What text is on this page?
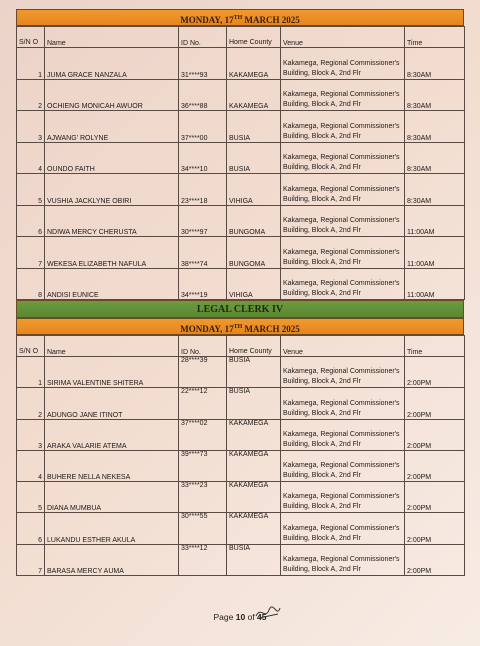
MONDAY, 17TH MARCH 2025
S/N O	Name	ID No.	Home County	Venue	Time
1	JUMA GRACE NANZALA	31****93	KAKAMEGA	Kakamega, Regional Commissioner's Building, Block A, 2nd Flr	8:30AM
2	OCHIENG MONICAH AWUOR	36****88	KAKAMEGA	Kakamega, Regional Commissioner's Building, Block A, 2nd Flr	8:30AM
3	AJWANG' ROLYNE	37****00	BUSIA	Kakamega, Regional Commissioner's Building, Block A, 2nd Flr	8:30AM
4	OUNDO FAITH	34****10	BUSIA	Kakamega, Regional Commissioner's Building, Block A, 2nd Flr	8:30AM
5	VUSHIA JACKLYNE OBIRI	23****18	VIHIGA	Kakamega, Regional Commissioner's Building, Block A, 2nd Flr	8:30AM
6	NDIWA MERCY CHERUSTA	30****97	BUNGOMA	Kakamega, Regional Commissioner's Building, Block A, 2nd Flr	11:00AM
7	WEKESA ELIZABETH NAFULA	38****74	BUNGOMA	Kakamega, Regional Commissioner's Building, Block A, 2nd Flr	11:00AM
8	ANDISI EUNICE	34****19	VIHIGA	Kakamega, Regional Commissioner's Building, Block A, 2nd Flr	11:00AM
LEGAL CLERK IV
MONDAY, 17TH MARCH 2025
S/N O	Name	ID No.	Home County	Venue	Time
1	SIRIMA VALENTINE SHITERA	28****39	BUSIA	Kakamega, Regional Commissioner's Building, Block A, 2nd Flr	2:00PM
2	ADUNGO JANE ITINOT	22****12	BUSIA	Kakamega, Regional Commissioner's Building, Block A, 2nd Flr	2:00PM
3	ARAKA VALARIE ATEMA	37****02	KAKAMEGA	Kakamega, Regional Commissioner's Building, Block A, 2nd Flr	2:00PM
4	BUHERE NELLA NEKESA	39****73	KAKAMEGA	Kakamega, Regional Commissioner's Building, Block A, 2nd Flr	2:00PM
5	DIANA MUMBUA	33****23	KAKAMEGA	Kakamega, Regional Commissioner's Building, Block A, 2nd Flr	2:00PM
6	LUKANDU ESTHER AKULA	30****55	KAKAMEGA	Kakamega, Regional Commissioner's Building, Block A, 2nd Flr	2:00PM
7	BARASA MERCY AUMA	33****12	BUSIA	Kakamega, Regional Commissioner's Building, Block A, 2nd Flr	2:00PM
Page 10 of 45
